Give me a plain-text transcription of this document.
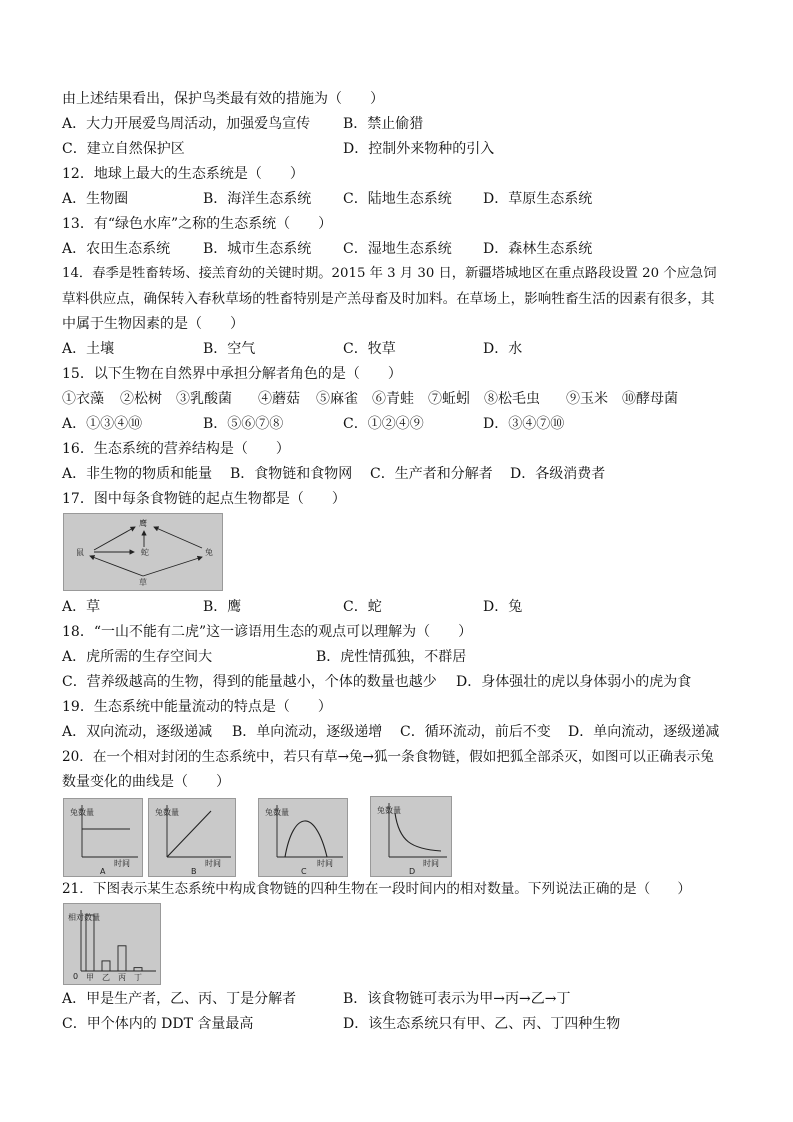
由上述结果看出，保护鸟类最有效的措施为（　　）
A．大力开展爱鸟周活动，加强爱鸟宣传 B．禁止偷猎
C．建立自然保护区	D．控制外来物种的引入
12．地球上最大的生态系统是（　　）
A．生物圈	B．海洋生态系统 C．陆地生态系统 D．草原生态系统
13．有“绿色水库”之称的生态系统（　　）
A．农田生态系统 B．城市生态系统 C．湿地生态系统 D．森林生态系统
14．春季是牲畜转场、接羔育幼的关键时期。2015 年 3 月 30 日，新疆塔城地区在重点路段设置 20 个应急饲
草料供应点，确保转入春秋草场的牲畜特别是产羔母畜及时加料。在草场上，影响牲畜生活的因素有很多，其
中属于生物因素的是（　　）
A．土壤	B．空气	C．牧草	D．水
15．以下生物在自然界中承担分解者角色的是（　　）
①衣藻 ②松树 ③乳酸菌 ④蘑菇 ⑤麻雀 ⑥青蛙 ⑦蚯蚓 ⑧松毛虫 ⑨玉米 ⑩酵母菌
A．①③④⑩	B．⑤⑥⑦⑧	C．①②④⑨	D．③④⑦⑩
16．生态系统的营养结构是（　　）
A．非生物的物质和能量 B．食物链和食物网 C．生产者和分解者 D．各级消费者
17．图中每条食物链的起点生物都是（　　）
鹰
鼠	蛇	兔
草
A．草	B．鹰	C．蛇	D．兔
18．“一山不能有二虎”这一谚语用生态的观点可以理解为（　　）
A．虎所需的生存空间大	B．虎性情孤独，不群居
C．营养级越高的生物，得到的能量越小，个体的数量也越少 D．身体强壮的虎以身体弱小的虎为食
19．生态系统中能量流动的特点是（　　）
A．双向流动，逐级递减 B．单向流动，逐级递增 C．循环流动，前后不变 D．单向流动，逐级递减
20．在一个相对封闭的生态系统中，若只有草→兔→狐一条食物链，假如把狐全部杀灭，如图可以正确表示兔
数量变化的曲线是（　　）
兔数量
时间
A
兔数量
时间
B
兔数量
时间
C
兔数量
时间
D
21．下图表示某生态系统中构成食物链的四种生物在一段时间内的相对数量。下列说法正确的是（　　）
相对数量
0 甲 乙 丙 丁
A．甲是生产者，乙、丙、丁是分解者	B．该食物链可表示为甲→丙→乙→丁
C．甲个体内的 DDT 含量最高	D．该生态系统只有甲、乙、丙、丁四种生物
